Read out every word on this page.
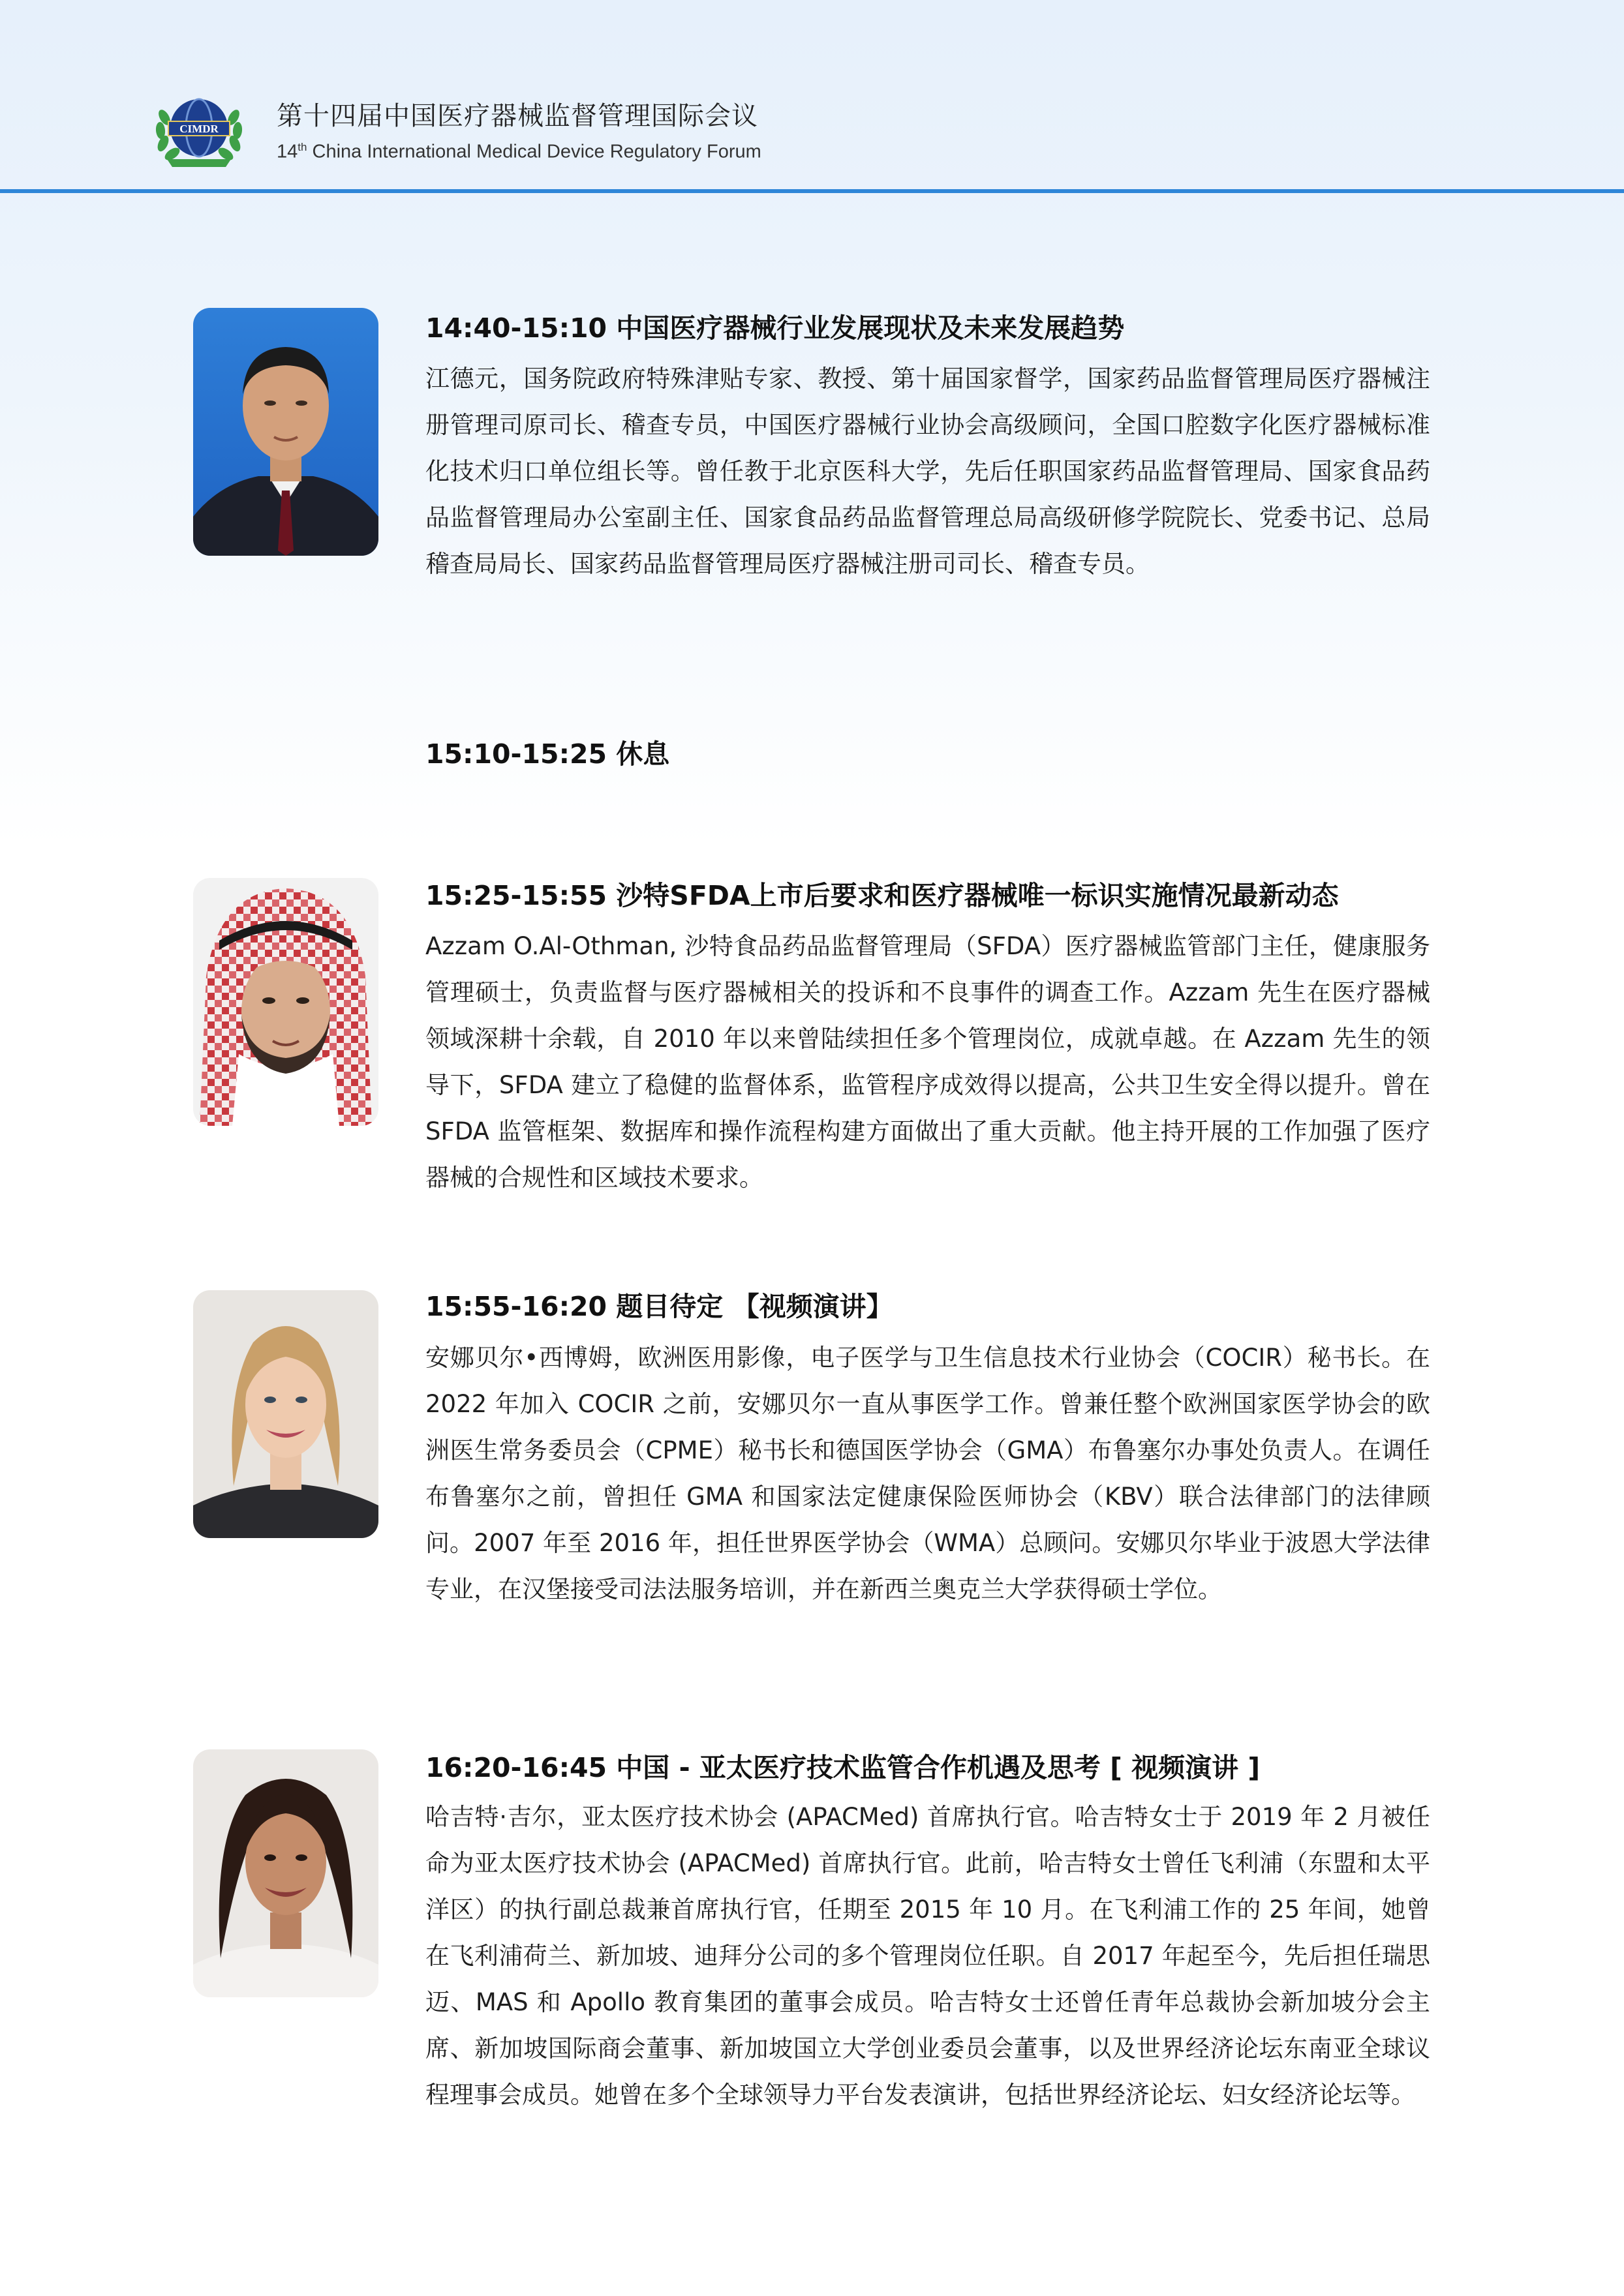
CIMDR 第十四届中国医疗器械监督管理国际会议
14th China International Medical Device Regulatory Forum
14:40-15:10 中国医疗器械行业发展现状及未来发展趋势
江德元，国务院政府特殊津贴专家、教授、第十届国家督学，国家药品监督管理局医疗器械注册管理司原司长、稽查专员，中国医疗器械行业协会高级顾问，全国口腔数字化医疗器械标准化技术归口单位组长等。曾任教于北京医科大学，先后任职国家药品监督管理局、国家食品药品监督管理局办公室副主任、国家食品药品监督管理总局高级研修学院院长、党委书记、总局稽查局局长、国家药品监督管理局医疗器械注册司司长、稽查专员。
15:10-15:25 休息
15:25-15:55 沙特SFDA上市后要求和医疗器械唯一标识实施情况最新动态
Azzam O.Al-Othman, 沙特食品药品监督管理局（SFDA）医疗器械监管部门主任，健康服务管理硕士，负责监督与医疗器械相关的投诉和不良事件的调查工作。Azzam 先生在医疗器械领域深耕十余载，自 2010 年以来曾陆续担任多个管理岗位，成就卓越。在 Azzam 先生的领导下，SFDA 建立了稳健的监督体系，监管程序成效得以提高，公共卫生安全得以提升。曾在 SFDA 监管框架、数据库和操作流程构建方面做出了重大贡献。他主持开展的工作加强了医疗器械的合规性和区域技术要求。
15:55-16:20 题目待定 【视频演讲】
安娜贝尔•西博姆，欧洲医用影像，电子医学与卫生信息技术行业协会（COCIR）秘书长。在 2022 年加入 COCIR 之前，安娜贝尔一直从事医学工作。曾兼任整个欧洲国家医学协会的欧洲医生常务委员会（CPME）秘书长和德国医学协会（GMA）布鲁塞尔办事处负责人。在调任布鲁塞尔之前，曾担任 GMA 和国家法定健康保险医师协会（KBV）联合法律部门的法律顾问。2007 年至 2016 年，担任世界医学协会（WMA）总顾问。安娜贝尔毕业于波恩大学法律专业，在汉堡接受司法法服务培训，并在新西兰奥克兰大学获得硕士学位。
16:20-16:45 中国 - 亚太医疗技术监管合作机遇及思考 [ 视频演讲 ]
哈吉特·吉尔，亚太医疗技术协会 (APACMed) 首席执行官。哈吉特女士于 2019 年 2 月被任命为亚太医疗技术协会 (APACMed) 首席执行官。此前，哈吉特女士曾任飞利浦（东盟和太平洋区）的执行副总裁兼首席执行官，任期至 2015 年 10 月。在飞利浦工作的 25 年间，她曾在飞利浦荷兰、新加坡、迪拜分公司的多个管理岗位任职。自 2017 年起至今，先后担任瑞思迈、MAS 和 Apollo 教育集团的董事会成员。哈吉特女士还曾任青年总裁协会新加坡分会主席、新加坡国际商会董事、新加坡国立大学创业委员会董事，以及世界经济论坛东南亚全球议程理事会成员。她曾在多个全球领导力平台发表演讲，包括世界经济论坛、妇女经济论坛等。
